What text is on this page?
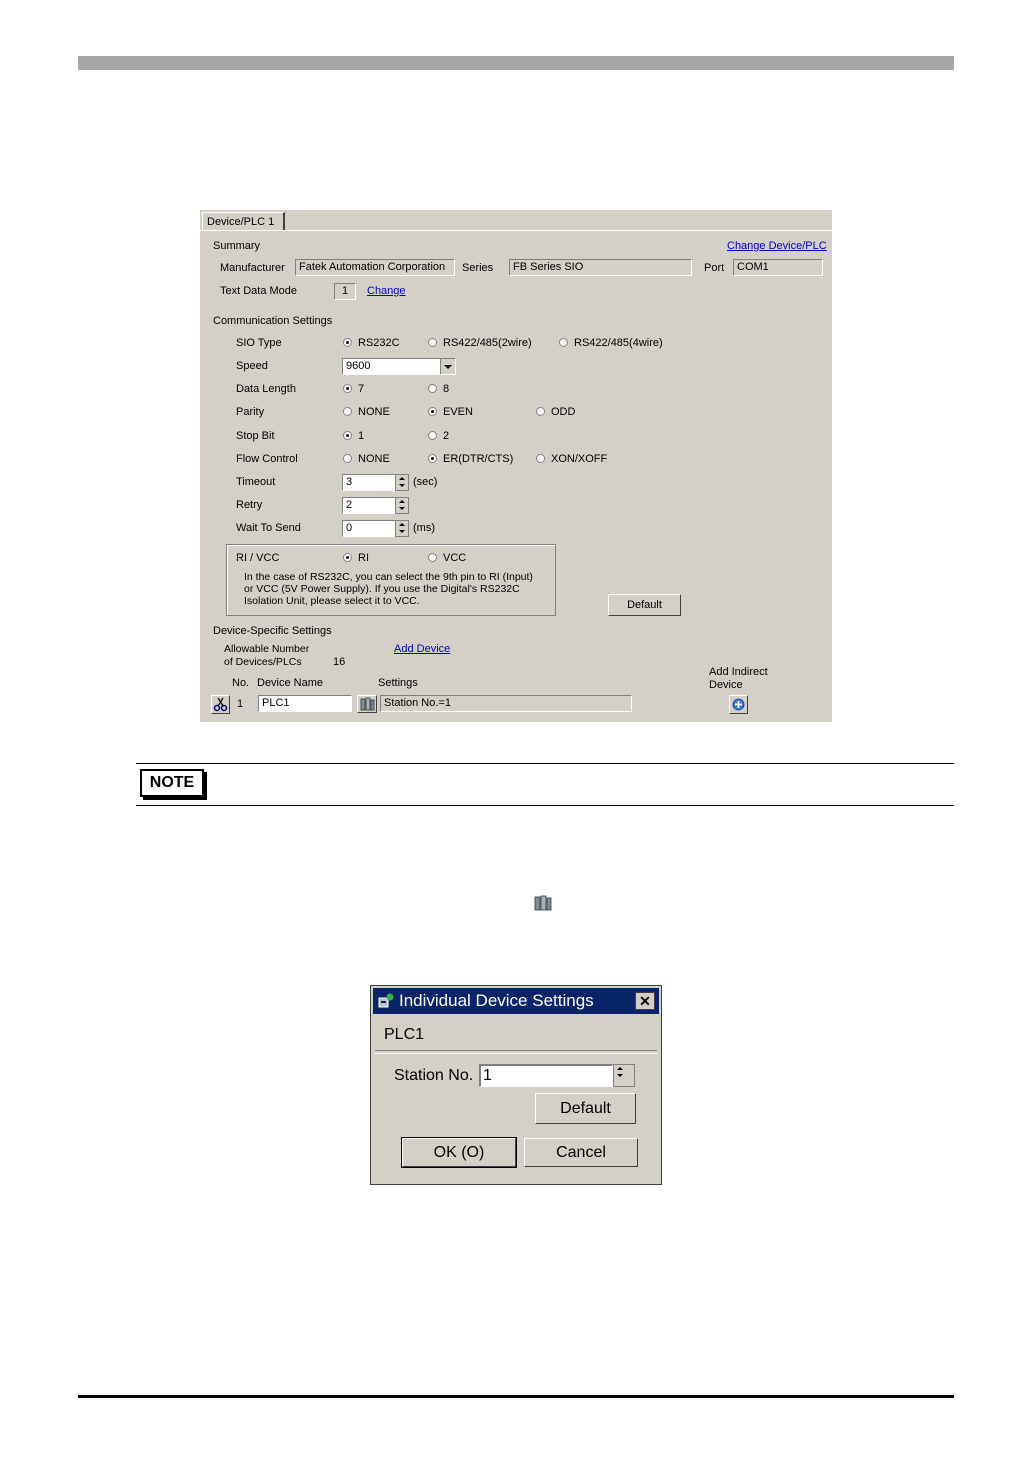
Device/PLC 1
Summary	Change Device/PLC
Manufacturer	Fatek Automation Corporation	Series	FB Series SIO	Port	COM1
Text Data Mode	1	Change
Communication Settings
SIO Type	RS232C	RS422/485(2wire)	RS422/485(4wire)
Speed	9600
Data Length	7	8
Parity	NONE	EVEN	ODD
Stop Bit	1	2
Flow Control	NONE	ER(DTR/CTS)	XON/XOFF
Timeout	3	(sec)
Retry	2
Wait To Send	0	(ms)
RI / VCC	RI	VCC
In the case of RS232C, you can select the 9th pin to RI (Input)
or VCC (5V Power Supply). If you use the Digital's RS232C
Isolation Unit, please select it to VCC.	Default
Device-Specific Settings
Allowable Number
of Devices/PLCs	16
Add Device
No. Device Name	Settings
Add Indirect
Device
1	PLC1	Station No.=1
NOTE
Individual Device Settings	✕
PLC1
Station No. 1
Default
OK (O)	Cancel
